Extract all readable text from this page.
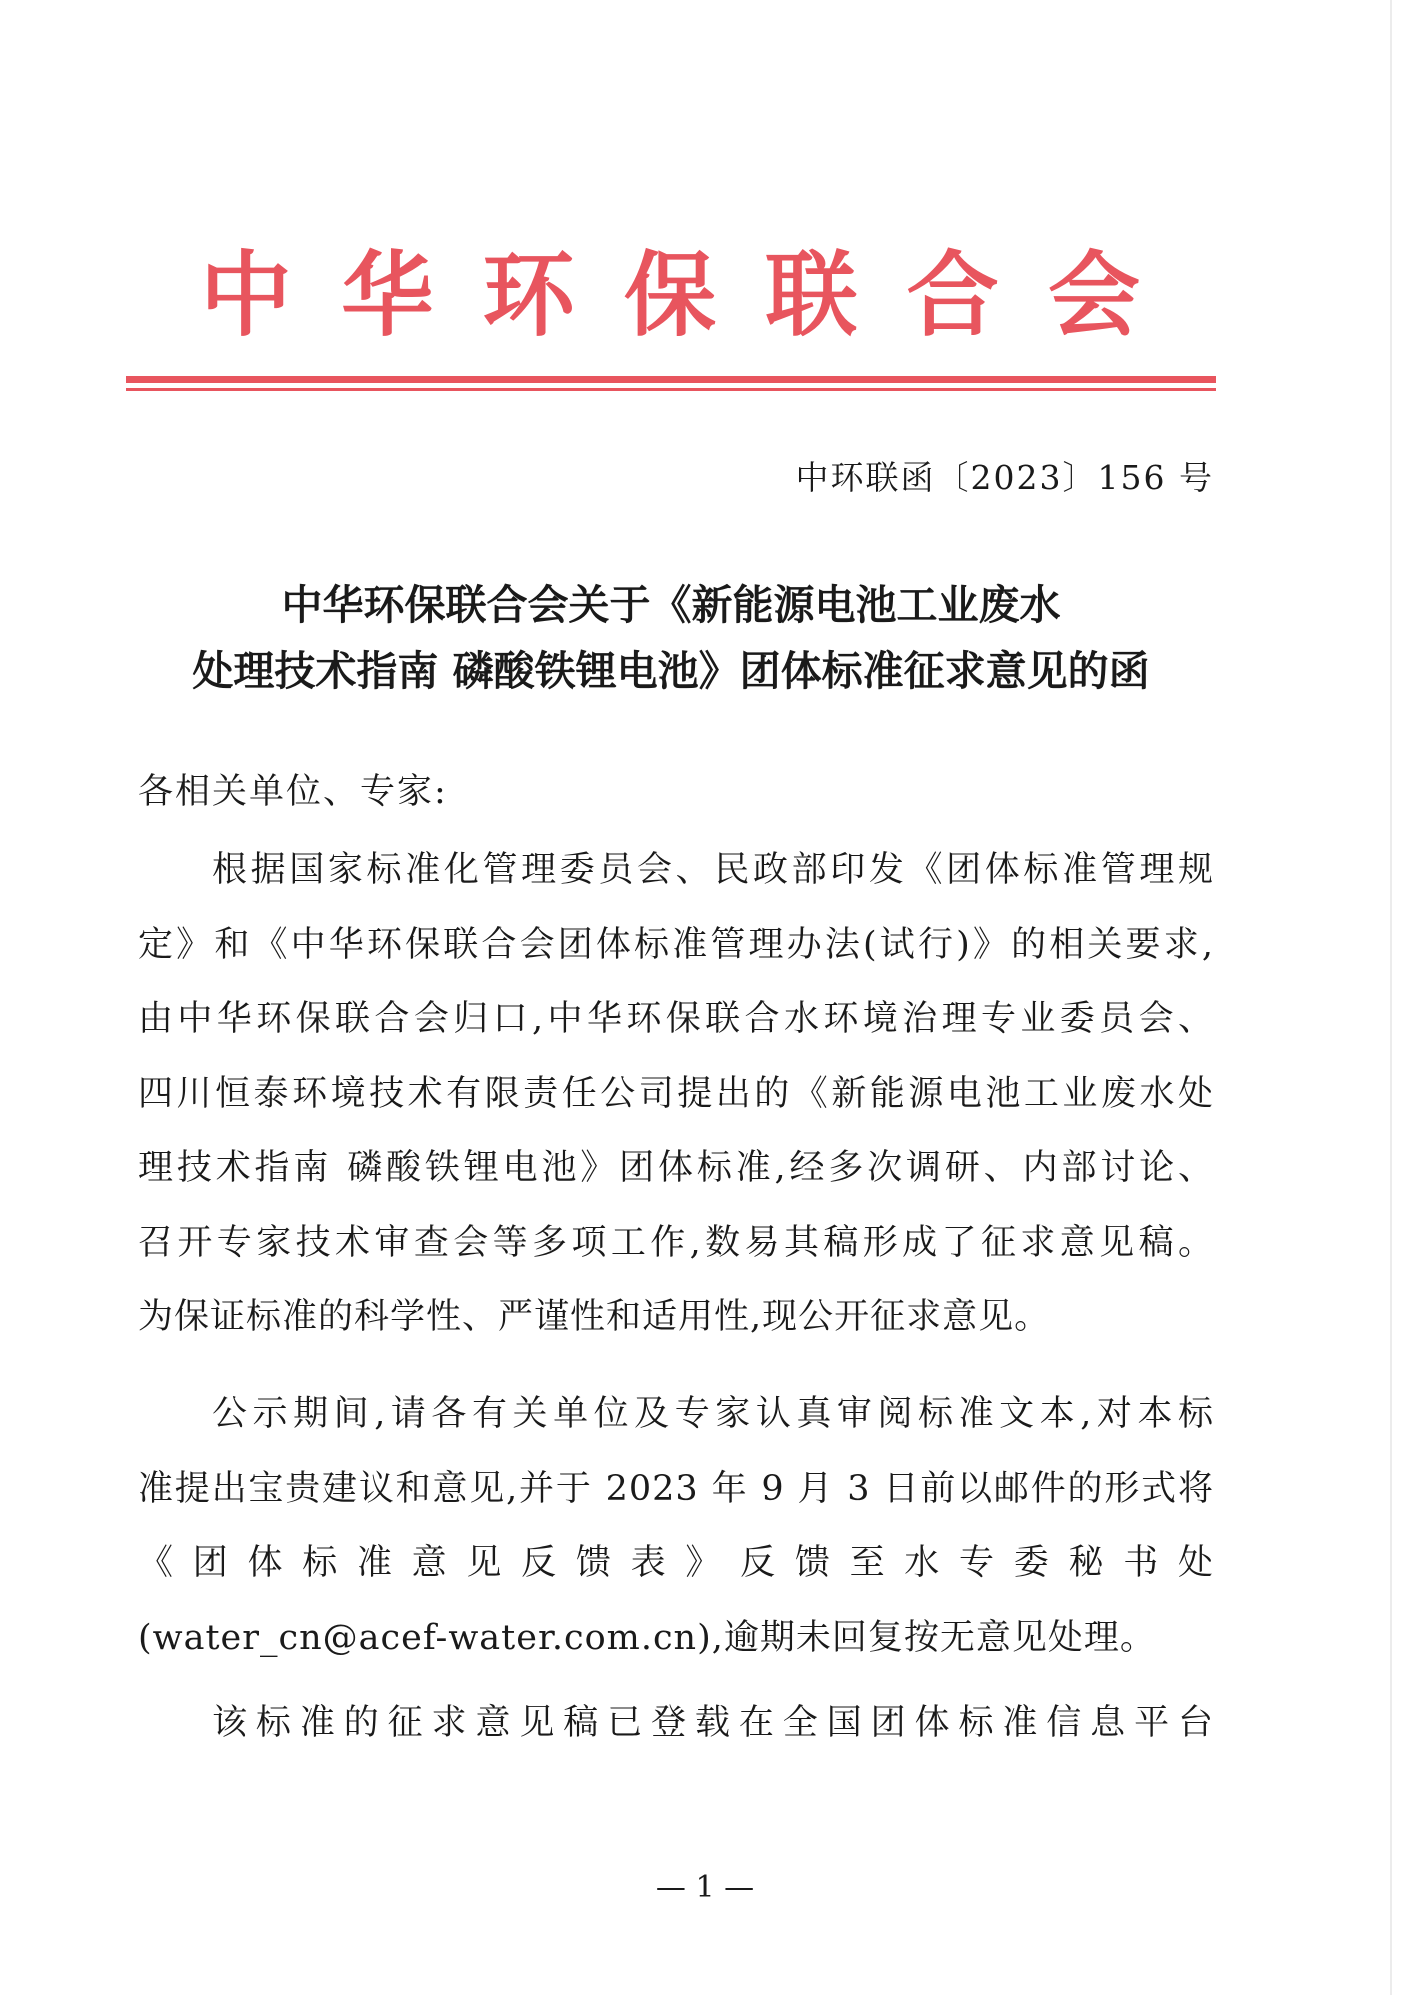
中 华 环 保 联 合 会
中环联函〔2023〕156 号
中华环保联合会关于《新能源电池工业废水
处理技术指南 磷酸铁锂电池》团体标准征求意见的函
各相关单位、专家:
根据国家标准化管理委员会、民政部印发《团体标准管理规
定》和《中华环保联合会团体标准管理办法(试行)》的相关要求,
由中华环保联合会归口,中华环保联合水环境治理专业委员会、
四川恒泰环境技术有限责任公司提出的《新能源电池工业废水处
理技术指南 磷酸铁锂电池》团体标准,经多次调研、内部讨论、
召开专家技术审查会等多项工作,数易其稿形成了征求意见稿。
为保证标准的科学性、严谨性和适用性,现公开征求意见。
公示期间,请各有关单位及专家认真审阅标准文本,对本标
准提出宝贵建议和意见,并于 2023 年 9 月 3 日前以邮件的形式将
《团体标准意见反馈表》反馈至水专委秘书处
(water_cn@acef-water.com.cn),逾期未回复按无意见处理。
该标准的征求意见稿已登载在全国团体标准信息平台
— 1 —
